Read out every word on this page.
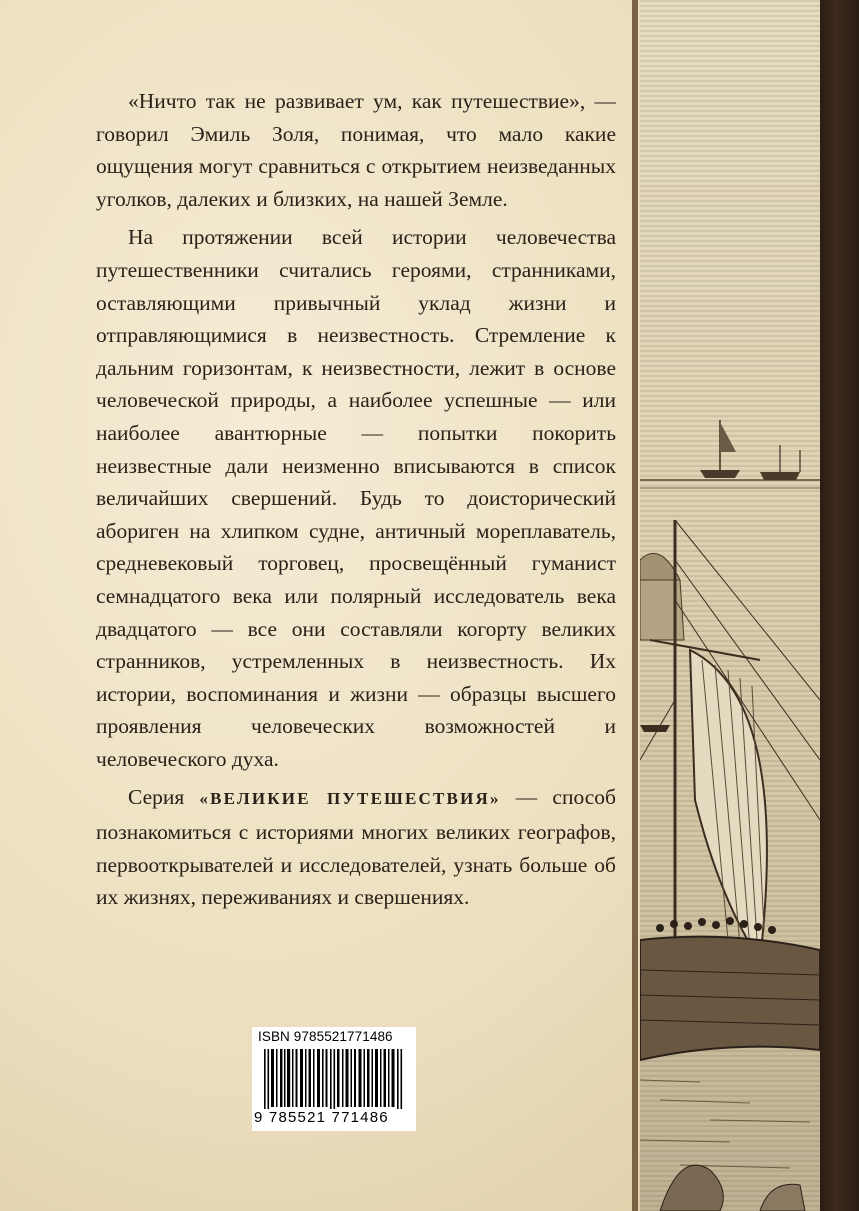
«Ничто так не развивает ум, как путешествие», — говорил Эмиль Золя, понимая, что мало какие ощущения могут сравниться с открытием неизведанных уголков, далеких и близких, на нашей Земле.

На протяжении всей истории человечества путешественники считались героями, странниками, оставляющими привычный уклад жизни и отправляющимися в неизвестность. Стремление к дальним горизонтам, к неизвестности, лежит в основе человеческой природы, а наиболее успешные — или наиболее авантюрные — попытки покорить неизвестные дали неизменно вписываются в список величайших свершений. Будь то доисторический абориген на хлипком судне, античный мореплаватель, средневековый торговец, просвещённый гуманист семнадцатого века или полярный исследователь века двадцатого — все они составляли когорту великих странников, устремленных в неизвестность. Их истории, воспоминания и жизни — образцы высшего проявления человеческих возможностей и человеческого духа.

Серия «ВЕЛИКИЕ ПУТЕШЕСТВИЯ» — способ познакомиться с историями многих великих географов, первооткрывателей и исследователей, узнать больше об их жизнях, переживаниях и свершениях.

ISBN 9785521771486
9 785521 771486
